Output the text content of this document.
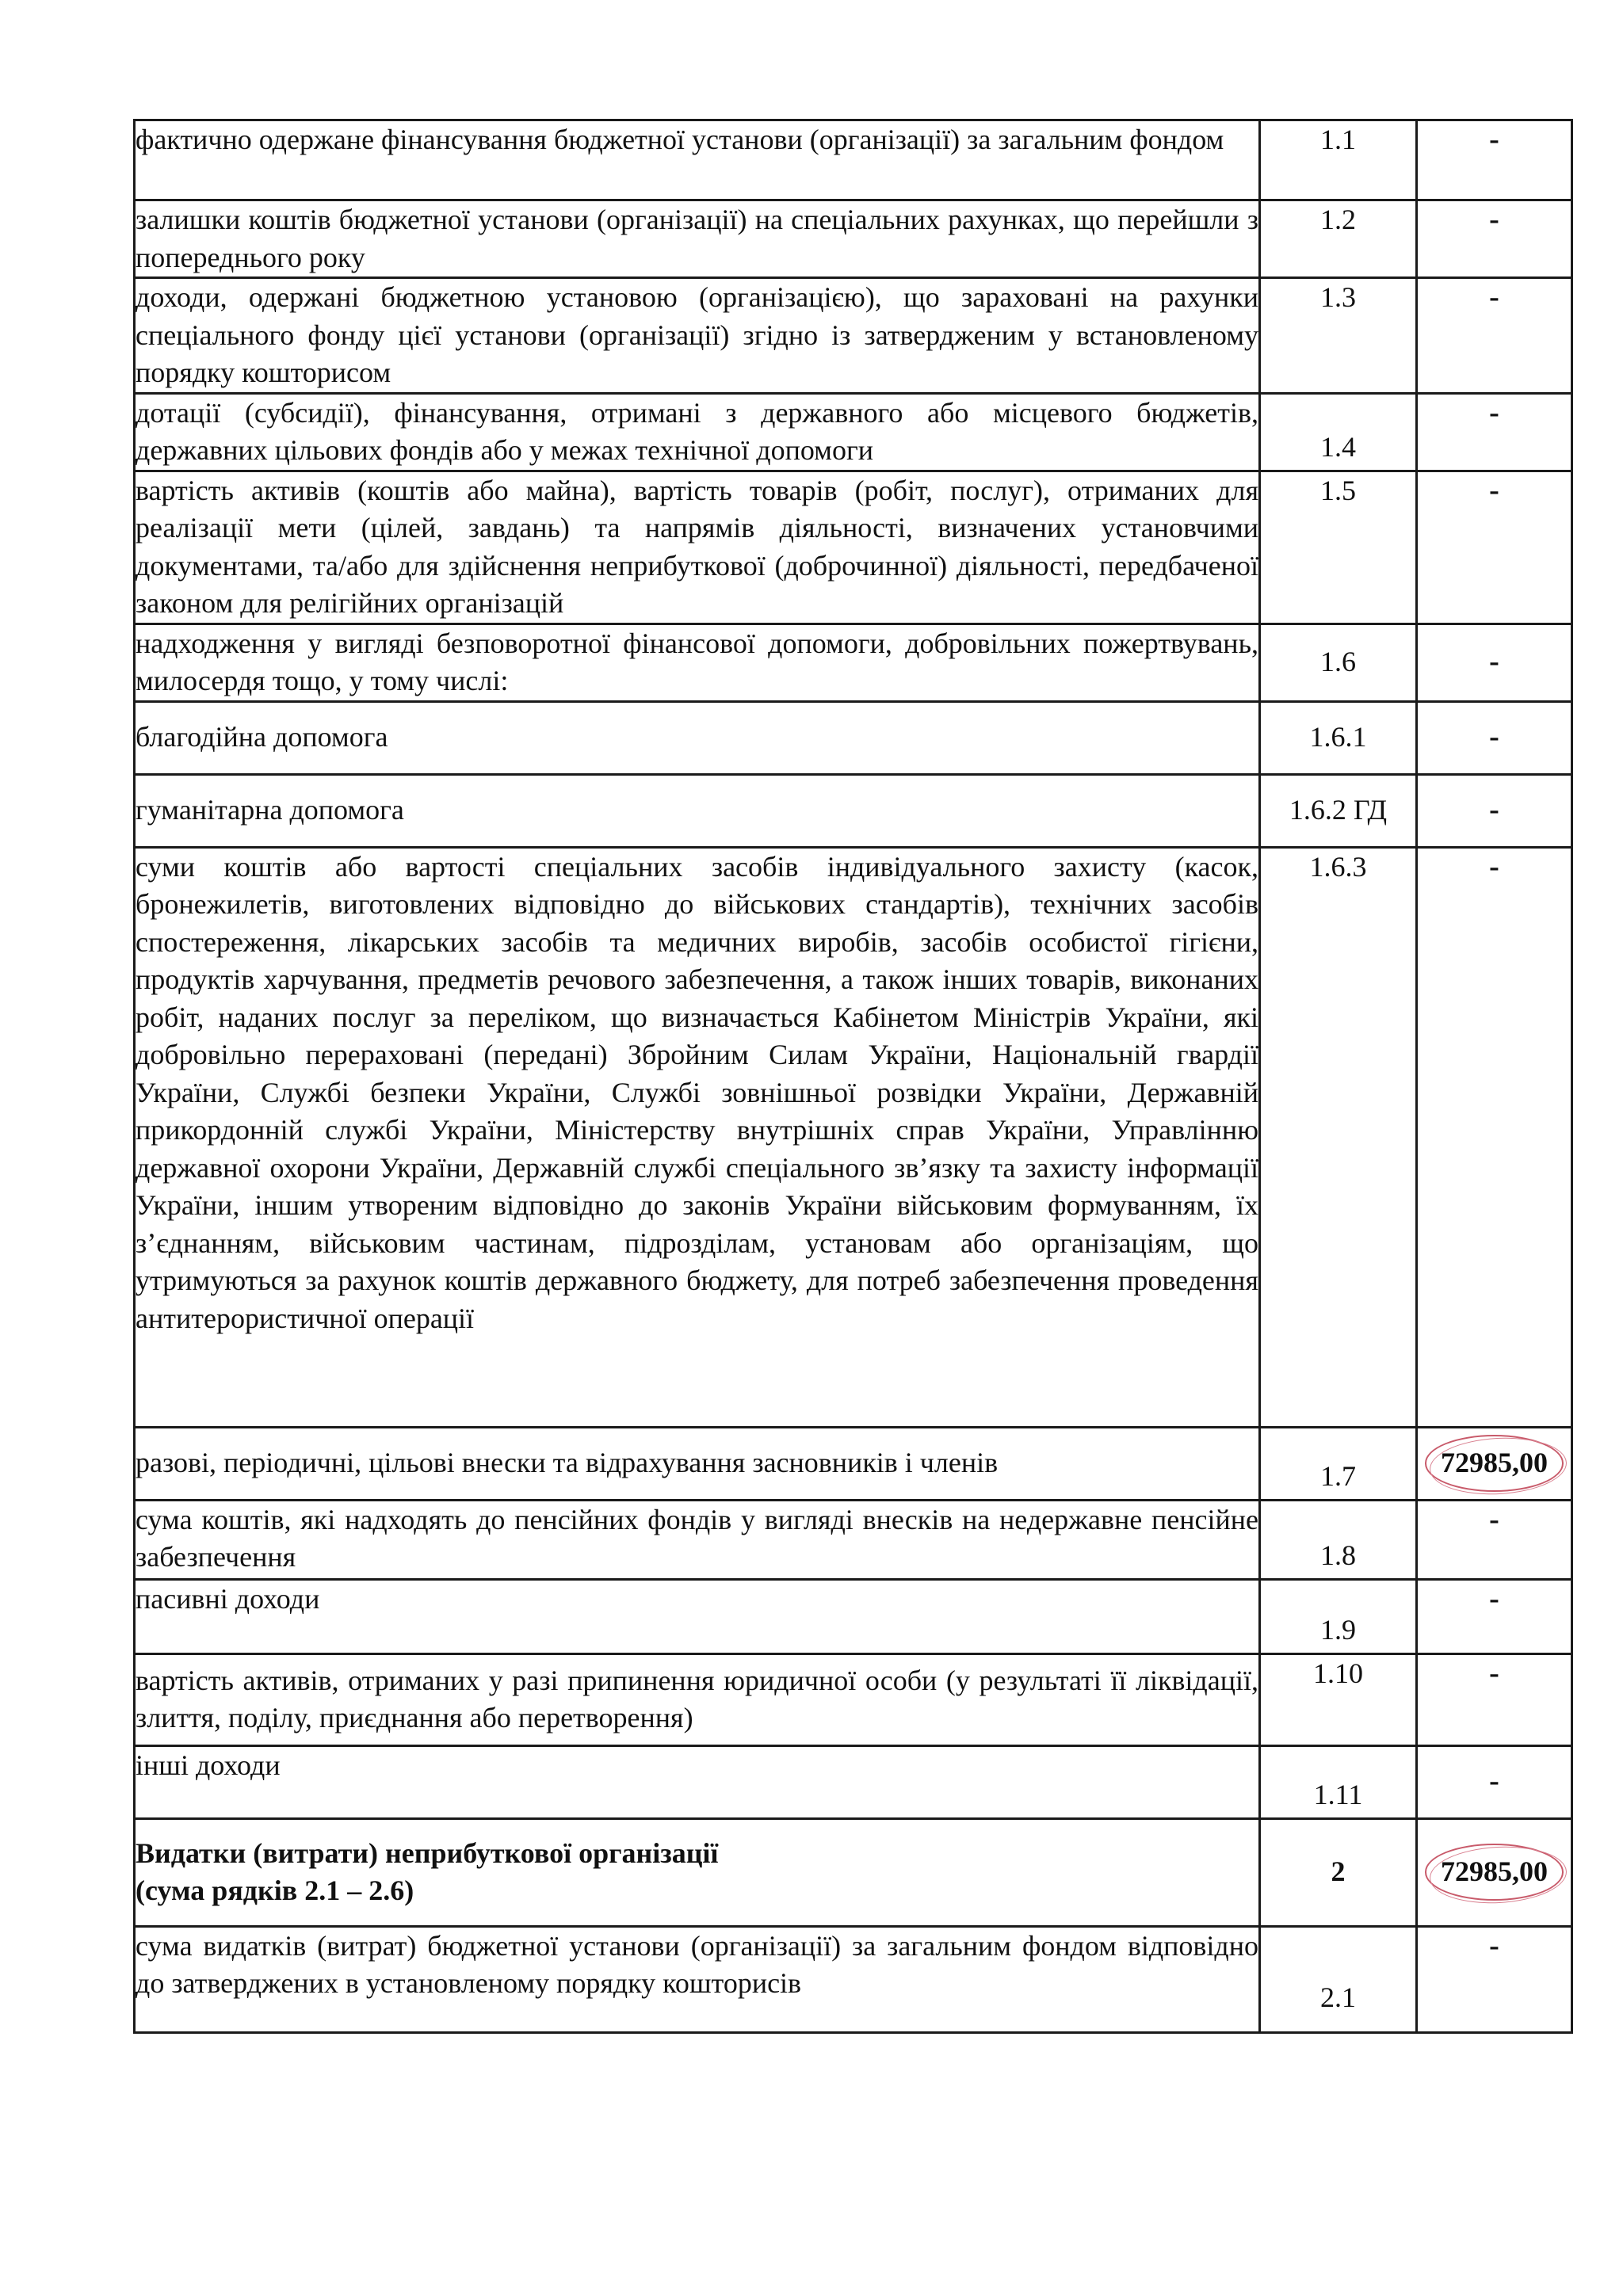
фактично одержане фінансування бюджетної установи (організації) за загальним фондом	1.1	-
залишки коштів бюджетної установи (організації) на спеціальних рахунках, що перейшли з попереднього року	1.2	-
доходи, одержані бюджетною установою (організацією), що зараховані на рахунки спеціального фонду цієї установи (організації) згідно із затвердженим у встановленому порядку кошторисом	1.3	-
дотації (субсидії), фінансування, отримані з державного або місцевого бюджетів, державних цільових фондів або у межах технічної допомоги	1.4	-
вартість активів (коштів або майна), вартість товарів (робіт, послуг), отриманих для реалізації мети (цілей, завдань) та напрямів діяльності, визначених установчими документами, та/або для здійснення неприбуткової (доброчинної) діяльності, передбаченої законом для релігійних організацій	1.5	-
надходження у вигляді безповоротної фінансової допомоги, добровільних пожертвувань, милосердя тощо, у тому числі:	1.6	-
благодійна допомога	1.6.1	-
гуманітарна допомога	1.6.2 ГД	-
суми коштів або вартості спеціальних засобів індивідуального захисту (касок, бронежилетів, виготовлених відповідно до військових стандартів), технічних засобів спостереження, лікарських засобів та медичних виробів, засобів особистої гігієни, продуктів харчування, предметів речового забезпечення, а також інших товарів, виконаних робіт, наданих послуг за переліком, що визначається Кабінетом Міністрів України, які добровільно перераховані (передані) Збройним Силам України, Національній гвардії України, Службі безпеки України, Службі зовнішньої розвідки України, Державній прикордонній службі України, Міністерству внутрішніх справ України, Управлінню державної охорони України, Державній службі спеціального зв’язку та захисту інформації України, іншим утвореним відповідно до законів України військовим формуванням, їх з’єднанням, військовим частинам, підрозділам, установам або організаціям, що утримуються за рахунок коштів державного бюджету, для потреб забезпечення проведення антитерористичної операції	1.6.3	-
разові, періодичні, цільові внески та відрахування засновників і членів	1.7	72985,00
сума коштів, які надходять до пенсійних фондів у вигляді внесків на недержавне пенсійне забезпечення	1.8	-
пасивні доходи	1.9	-
вартість активів, отриманих у разі припинення юридичної особи (у результаті її ліквідації, злиття, поділу, приєднання або перетворення)	1.10	-
інші доходи	1.11	-

Видатки (витрати) неприбуткової організації
(сума рядків 2.1 – 2.6)	2	72985,00
сума видатків (витрат) бюджетної установи (організації) за загальним фондом відповідно до затверджених в установленому порядку кошторисів	2.1	-
